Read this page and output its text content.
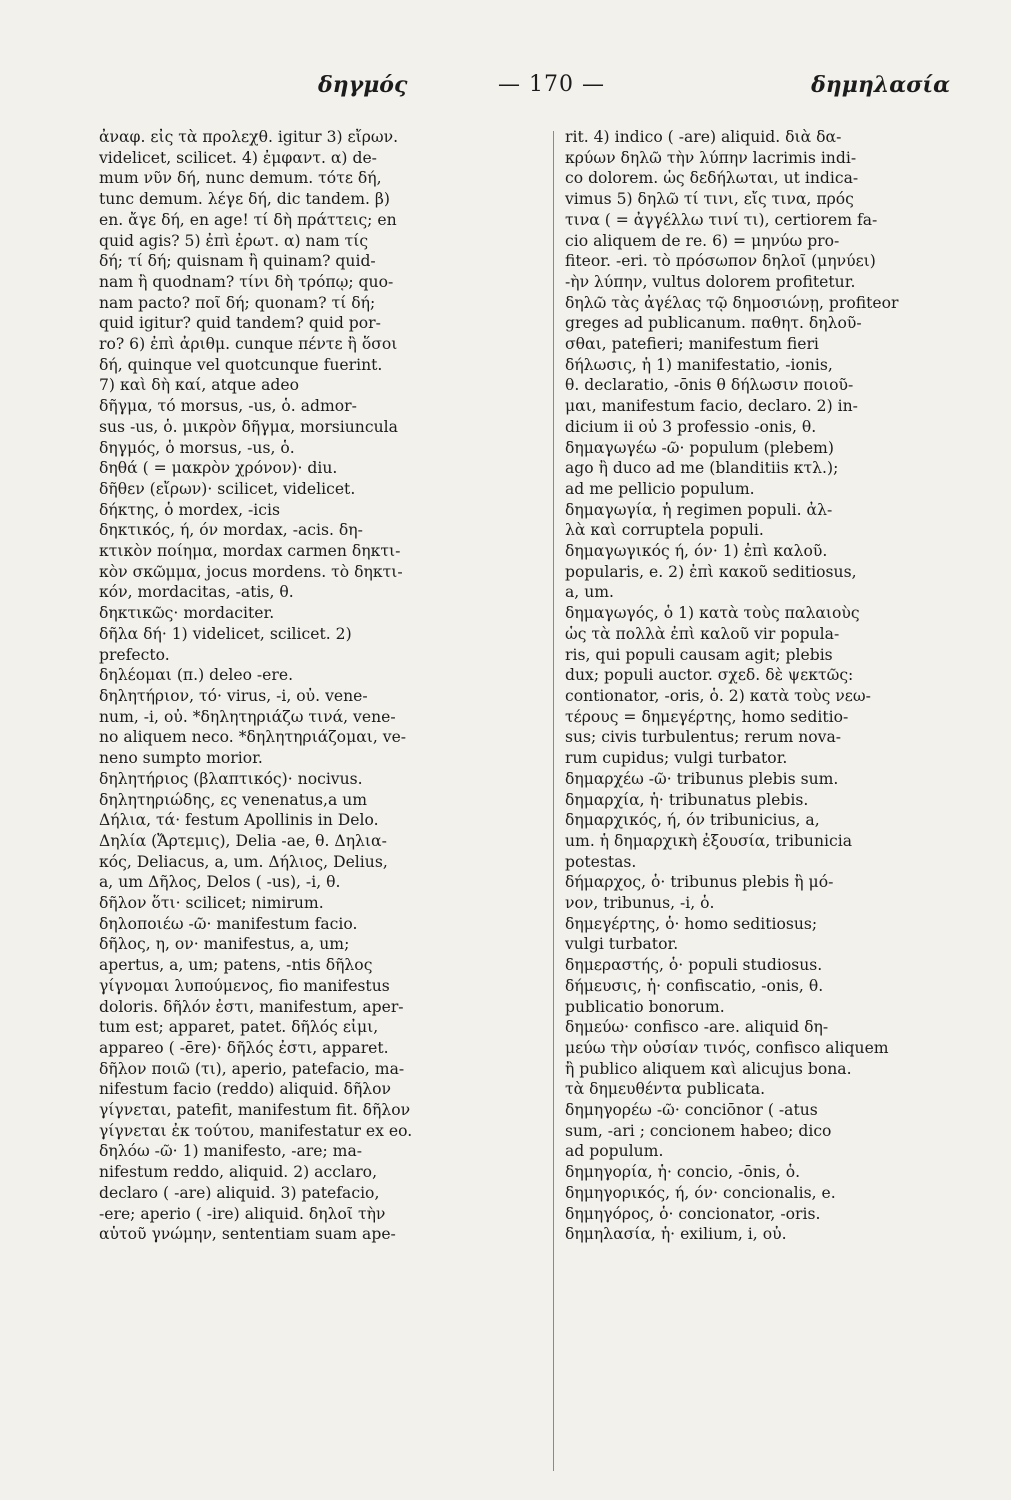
δηγμός	— 170 —	δημηλασία
ἀναφ. εἰς τὰ προλεχθ. igitur 3) εἴρων.
videlicet, scilicet. 4) ἐμφαντ. α) de-
mum νῦν δή, nunc demum. τότε δή,
tunc demum. λέγε δή, dic tandem. β)
en. ἄγε δή, en age! τί δὴ πράττεις; en
quid agis? 5) ἐπὶ ἐρωτ. α) nam τίς
δή; τί δή; quisnam ἢ quinam? quid-
nam ἢ quodnam? τίνι δὴ τρόπῳ; quo-
nam pacto? ποῖ δή; quonam? τί δή;
quid igitur? quid tandem? quid por-
ro? 6) ἐπὶ ἀριθμ. cunque πέντε ἢ ὅσοι
δή, quinque vel quotcunque fuerint.
7) καὶ δὴ καί, atque adeo
δῆγμα, τό morsus, -us, ὁ. admor-
sus -us, ὁ. μικρὸν δῆγμα, morsiuncula
δηγμός, ὁ morsus, -us, ὁ.
δηθά ( = μακρὸν χρόνον)· diu.
δῆθεν (εἴρων)· scilicet, videlicet.
δήκτης, ὁ mordex, -icis
δηκτικός, ή, όν mordax, -acis. δη-
κτικὸν ποίημα, mordax carmen δηκτι-
κὸν σκῶμμα, jocus mordens. τὸ δηκτι-
κόν, mordacitas, -atis, θ.
δηκτικῶς· mordaciter.
δῆλα δή· 1) videlicet, scilicet. 2)
prefecto.
δηλέομαι (π.) deleo -ere.
δηλητήριον, τό· virus, -i, οὐ. vene-
num, -i, οὐ. *δηλητηριάζω τινά, vene-
no aliquem neco. *δηλητηριάζομαι, ve-
neno sumpto morior.
δηλητήριος (βλαπτικός)· nocivus.
δηλητηριώδης, ες venenatus,a um
Δήλια, τά· festum Apollinis in Delo.
Δηλία (Ἄρτεμις), Delia -ae, θ. Δηλια-
κός, Deliacus, a, um. Δήλιος, Delius,
a, um Δῆλος, Delos ( -us), -i, θ.
δῆλον ὅτι· scilicet; nimirum.
δηλοποιέω -ῶ· manifestum facio.
δῆλος, η, ον· manifestus, a, um;
apertus, a, um; patens, -ntis δῆλος
γίγνομαι λυπούμενος, fio manifestus
doloris. δῆλόν ἐστι, manifestum, aper-
tum est; apparet, patet. δῆλός εἰμι,
appareo ( -ēre)· δῆλός ἐστι, apparet.
δῆλον ποιῶ (τι), aperio, patefacio, ma-
nifestum facio (reddo) aliquid. δῆλον
γίγνεται, patefit, manifestum fit. δῆλον
γίγνεται ἐκ τούτου, manifestatur ex eo.
δηλόω -ῶ· 1) manifesto, -are; ma-
nifestum reddo, aliquid. 2) acclaro,
declaro ( -are) aliquid. 3) patefacio,
-ere; aperio ( -ire) aliquid. δηλοῖ τὴν
αὑτοῦ γνώμην, sententiam suam ape-
rit. 4) indico ( -are) aliquid. διὰ δα-
κρύων δηλῶ τὴν λύπην lacrimis indi-
co dolorem. ὡς δεδήλωται, ut indica-
vimus 5) δηλῶ τί τινι, εἴς τινα, πρός
τινα ( = ἀγγέλλω τινί τι), certiorem fa-
cio aliquem de re. 6) = μηνύω pro-
fiteor. -eri. τὸ πρόσωπον δηλοῖ (μηνύει)
-ὴν λύπην, vultus dolorem profitetur.
δηλῶ τὰς ἀγέλας τῷ δημοσιώνῃ, profiteor
greges ad publicanum. παθητ. δηλοῦ-
σθαι, patefieri; manifestum fieri
δήλωσις, ἡ 1) manifestatio, -ionis,
θ. declaratio, -ōnis θ δήλωσιν ποιοῦ-
μαι, manifestum facio, declaro. 2) in-
dicium ii οὐ 3 professio -onis, θ.
δημαγωγέω -ῶ· populum (plebem)
ago ἢ duco ad me (blanditiis κτλ.);
ad me pellicio populum.
δημαγωγία, ἡ regimen populi. ἀλ-
λὰ καὶ corruptela populi.
δημαγωγικός ή, όν· 1) ἐπὶ καλοῦ.
popularis, e. 2) ἐπὶ κακοῦ seditiosus,
a, um.
δημαγωγός, ὁ 1) κατὰ τοὺς παλαιοὺς
ὡς τὰ πολλὰ ἐπὶ καλοῦ vir popula-
ris, qui populi causam agit; plebis
dux; populi auctor. σχεδ. δὲ ψεκτῶς:
contionator, -oris, ὁ. 2) κατὰ τοὺς νεω-
τέρους = δημεγέρτης, homo seditio-
sus; civis turbulentus; rerum nova-
rum cupidus; vulgi turbator.
δημαρχέω -ῶ· tribunus plebis sum.
δημαρχία, ἡ· tribunatus plebis.
δημαρχικός, ή, όν tribunicius, a,
um. ἡ δημαρχικὴ ἐξουσία, tribunicia
potestas.
δήμαρχος, ὁ· tribunus plebis ἢ μό-
νον, tribunus, -i, ὁ.
δημεγέρτης, ὁ· homo seditiosus;
vulgi turbator.
δημεραστής, ὁ· populi studiosus.
δήμευσις, ἡ· confiscatio, -onis, θ.
publicatio bonorum.
δημεύω· confisco -are. aliquid δη-
μεύω τὴν οὐσίαν τινός, confisco aliquem
ἢ publico aliquem καὶ alicujus bona.
τὰ δημευθέντα publicata.
δημηγορέω -ῶ· conciōnor ( -atus
sum, -ari ; concionem habeo; dico
ad populum.
δημηγορία, ἡ· concio, -ōnis, ὁ.
δημηγορικός, ή, όν· concionalis, e.
δημηγόρος, ὁ· concionator, -oris.
δημηλασία, ἡ· exilium, i, οὐ.
